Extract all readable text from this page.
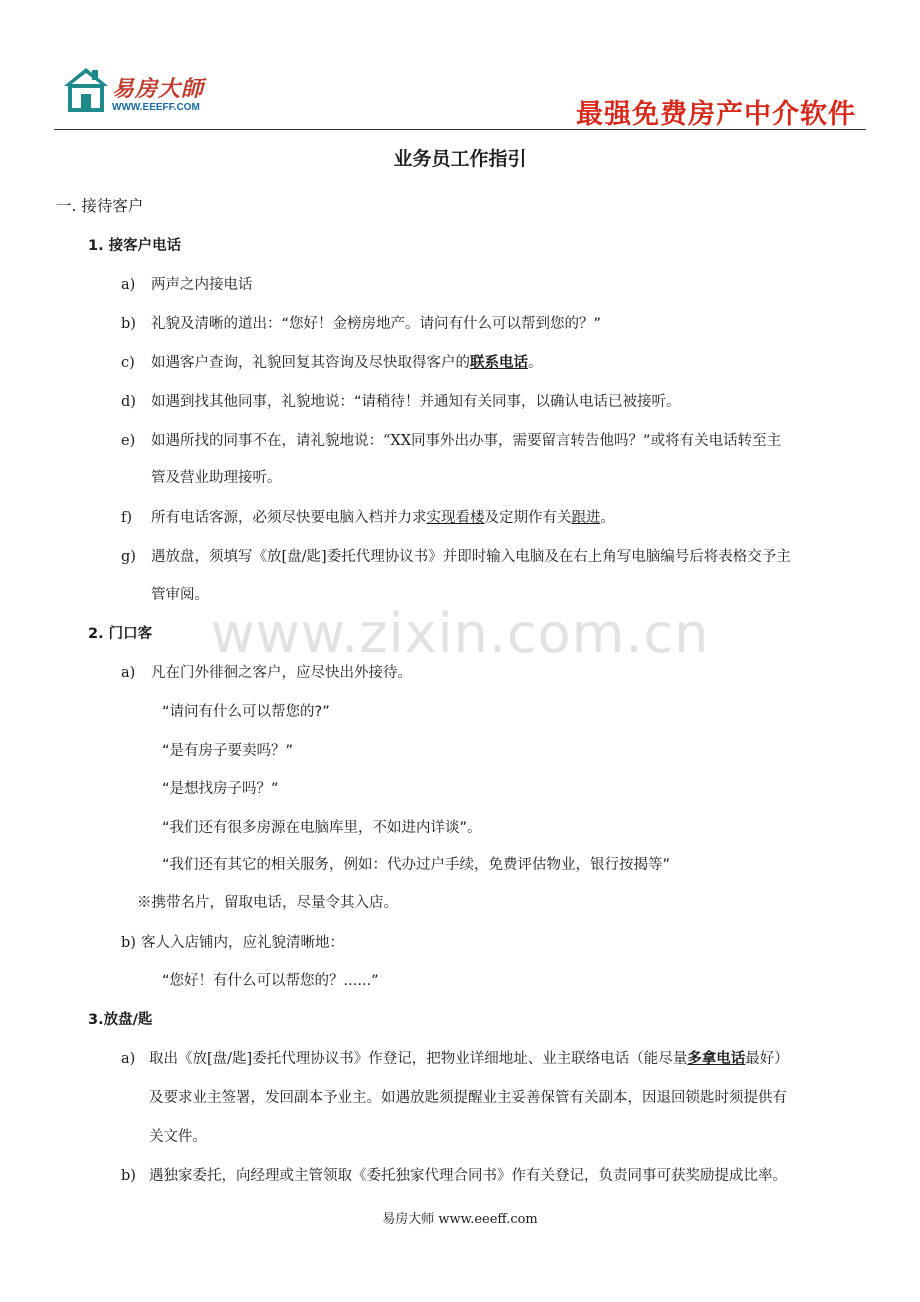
易房大師
WWW.EEEFF.COM	最强免费房产中介软件
业务员工作指引
www.zixin.com.cn
一. 接待客户
1. 接客户电话
a) 两声之内接电话
b) 礼貌及清晰的道出：“您好！金榜房地产。请问有什么可以帮到您的？”
c) 如遇客户查询，礼貌回复其咨询及尽快取得客户的联系电话。
d) 如遇到找其他同事，礼貌地说：“请稍待！并通知有关同事，以确认电话已被接听。
e) 如遇所找的同事不在，请礼貌地说：“XX同事外出办事，需要留言转告他吗？”或将有关电话转至主
管及营业助理接听。
f) 所有电话客源，必须尽快要电脑入档并力求实现看楼及定期作有关跟进。
g) 遇放盘，须填写《放[盘/匙]委托代理协议书》并即时输入电脑及在右上角写电脑编号后将表格交予主
管审阅。
2. 门口客
a) 凡在门外徘徊之客户，应尽快出外接待。
“请问有什么可以帮您的?”
“是有房子要卖吗？”
“是想找房子吗？”
“我们还有很多房源在电脑库里，不如进内详谈”。
“我们还有其它的相关服务，例如：代办过户手续，免费评估物业，银行按揭等”
※携带名片，留取电话，尽量令其入店。
b) 客人入店铺内，应礼貌清晰地：
“您好！有什么可以帮您的？......”
3.放盘/匙
a) 取出《放[盘/匙]委托代理协议书》作登记，把物业详细地址、业主联络电话（能尽量多拿电话最好）
及要求业主签署，发回副本予业主。如遇放匙须提醒业主妥善保管有关副本，因退回锁匙时须提供有
关文件。
b) 遇独家委托，向经理或主管领取《委托独家代理合同书》作有关登记，负责同事可获奖励提成比率。
易房大师 www.eeeff.com
